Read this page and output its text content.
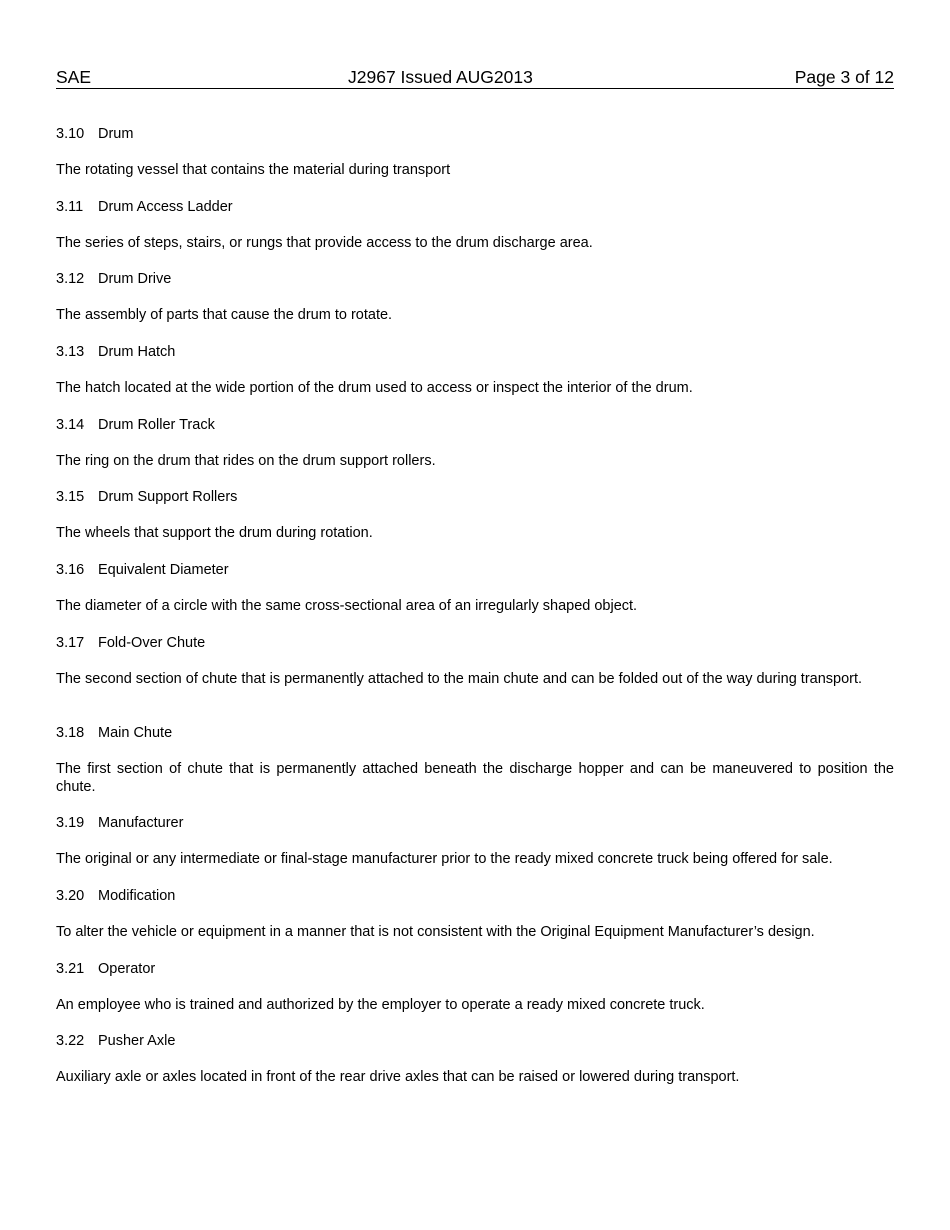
SAE	J2967 Issued AUG2013	Page 3 of 12
3.10 Drum
The rotating vessel that contains the material during transport
3.11 Drum Access Ladder
The series of steps, stairs, or rungs that provide access to the drum discharge area.
3.12 Drum Drive
The assembly of parts that cause the drum to rotate.
3.13 Drum Hatch
The hatch located at the wide portion of the drum used to access or inspect the interior of the drum.
3.14 Drum Roller Track
The ring on the drum that rides on the drum support rollers.
3.15 Drum Support Rollers
The wheels that support the drum during rotation.
3.16 Equivalent Diameter
The diameter of a circle with the same cross-sectional area of an irregularly shaped object.
3.17 Fold-Over Chute
The second section of chute that is permanently attached to the main chute and can be folded out of the way during transport.
3.18 Main Chute
The first section of chute that is permanently attached beneath the discharge hopper and can be maneuvered to position the chute.
3.19 Manufacturer
The original or any intermediate or final-stage manufacturer prior to the ready mixed concrete truck being offered for sale.
3.20 Modification
To alter the vehicle or equipment in a manner that is not consistent with the Original Equipment Manufacturer’s design.
3.21 Operator
An employee who is trained and authorized by the employer to operate a ready mixed concrete truck.
3.22 Pusher Axle
Auxiliary axle or axles located in front of the rear drive axles that can be raised or lowered during transport.
